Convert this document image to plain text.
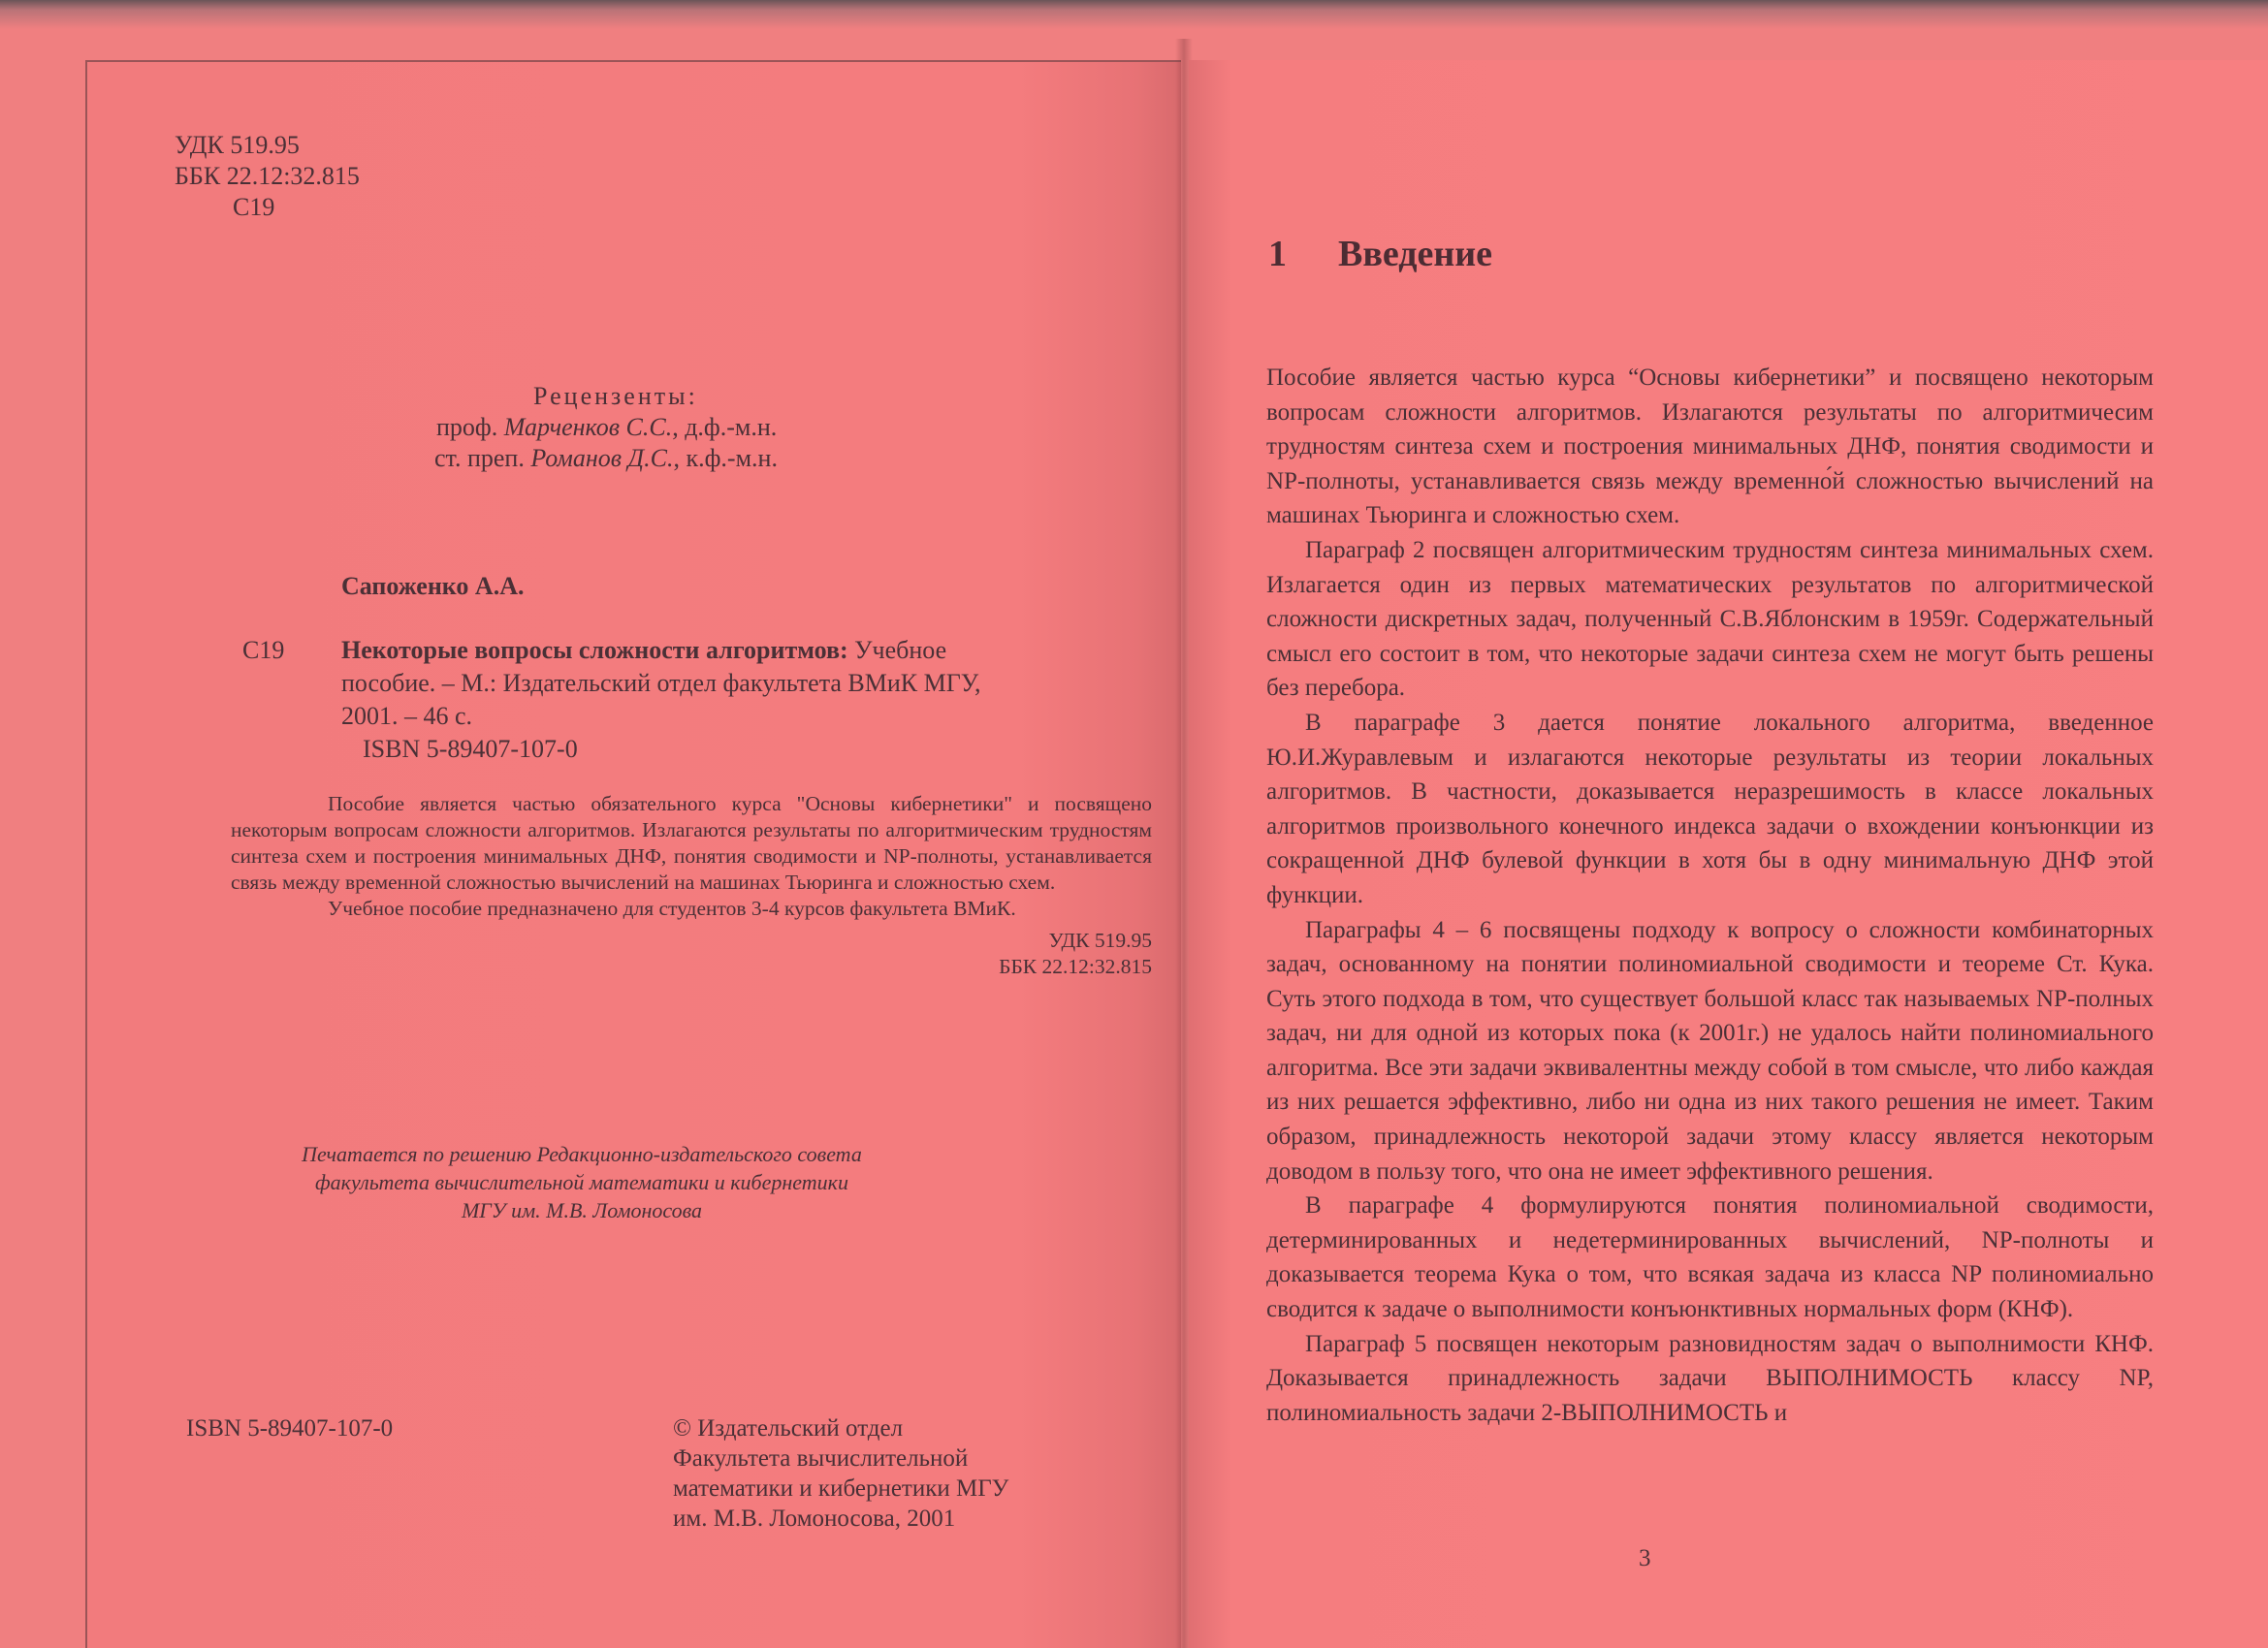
УДК 519.95
ББК 22.12:32.815
С19
Рецензенты:
проф. Марченков С.С., д.ф.-м.н.
ст. преп. Романов Д.С., к.ф.-м.н.
Сапоженко А.А.
С19 Некоторые вопросы сложности алгоритмов: Учебное
пособие. – М.: Издательский отдел факультета ВМиК МГУ,
2001. – 46 с.
ISBN 5-89407-107-0

Пособие является частью обязательного курса "Основы кибернетики" и посвящено некоторым вопросам сложности алгоритмов. Излагаются результаты по алгоритмическим трудностям синтеза схем и построения минимальных ДНФ, понятия сводимости и NP-полноты, устанавливается связь между временной сложностью вычислений на машинах Тьюринга и сложностью схем.

Учебное пособие предназначено для студентов 3-4 курсов факультета ВМиК.

УДК 519.95
ББК 22.12:32.815
Печатается по решению Редакционно-издательского совета
факультета вычислительной математики и кибернетики
МГУ им. М.В. Ломоносова
ISBN 5-89407-107-0	© Издательский отдел
Факультета вычислительной
математики и кибернетики МГУ
им. М.В. Ломоносова, 2001
1 Введение

Пособие является частью курса “Основы кибернетики” и посвящено некоторым вопросам сложности алгоритмов. Излагаются результаты по алгоритмичесим трудностям синтеза схем и построения минимальных ДНФ, понятия сводимости и NP-полноты, устанавливается связь между временно́й сложностью вычислений на машинах Тьюринга и сложностью схем.

Параграф 2 посвящен алгоритмическим трудностям синтеза минимальных схем. Излагается один из первых математических результатов по алгоритмической сложности дискретных задач, полученный С.В.Яблонским в 1959г. Содержательный смысл его состоит в том, что некоторые задачи синтеза схем не могут быть решены без перебора.

В параграфе 3 дается понятие локального алгоритма, введенное Ю.И.Журавлевым и излагаются некоторые результаты из теории локальных алгоритмов. В частности, доказывается неразрешимость в классе локальных алгоритмов произвольного конечного индекса задачи о вхождении конъюнкции из сокращенной ДНФ булевой функции в хотя бы в одну минимальную ДНФ этой функции.

Параграфы 4 – 6 посвящены подходу к вопросу о сложности комбинаторных задач, основанному на понятии полиномиальной сводимости и теореме Ст. Кука. Суть этого подхода в том, что существует большой класс так называемых NP-полных задач, ни для одной из которых пока (к 2001г.) не удалось найти полиномиального алгоритма. Все эти задачи эквивалентны между собой в том смысле, что либо каждая из них решается эффективно, либо ни одна из них такого решения не имеет. Таким образом, принадлежность некоторой задачи этому классу является некоторым доводом в пользу того, что она не имеет эффективного решения.

В параграфе 4 формулируются понятия полиномиальной сводимости, детерминированных и недетерминированных вычислений, NP-полноты и доказывается теорема Кука о том, что всякая задача из класса NP полиномиально сводится к задаче о выполнимости конъюнктивных нормальных форм (КНФ).

Параграф 5 посвящен некоторым разновидностям задач о выполнимости КНФ. Доказывается принадлежность задачи ВЫПОЛНИМОСТЬ классу NP, полиномиальность задачи 2-ВЫПОЛНИМОСТЬ и

3
